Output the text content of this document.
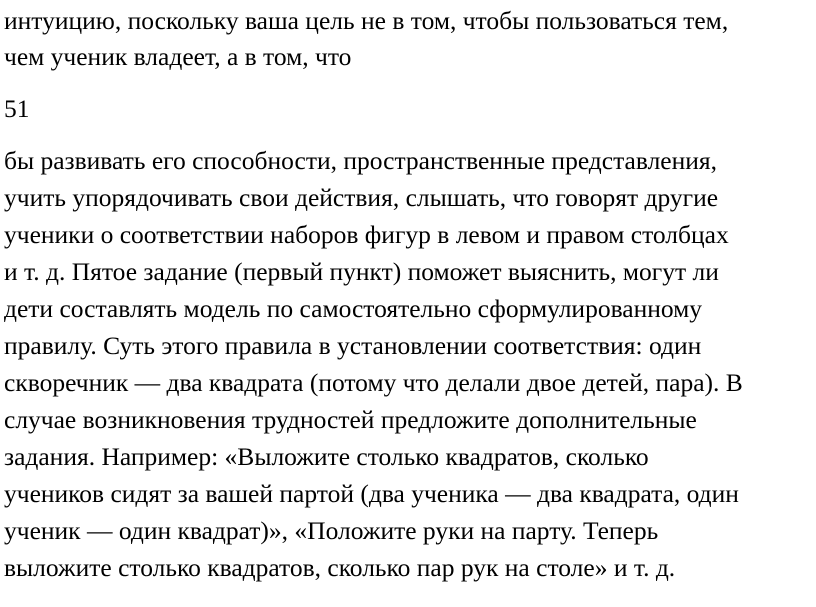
интуицию, поскольку ваша цель не в том, чтобы пользоваться тем,

чем ученик владеет, а в том, что

51

бы развивать его способности, пространственные представления,

учить упорядочивать свои действия, слышать, что говорят другие

ученики о соответствии наборов фигур в левом и правом столбцах

и т. д. Пятое задание (первый пункт) поможет выяснить, могут ли

дети составлять модель по самостоятельно сформулированному

правилу. Суть этого правила в установлении соответствия: один

скворечник — два квадрата (потому что делали двое детей, пара). В

случае возникновения трудностей предложите дополнительные

задания. Например: «Выложите столько квадратов, сколько

учеников сидят за вашей партой (два ученика — два квадрата, один

ученик — один квадрат)», «Положите руки на парту. Теперь

выложите столько квадратов, сколько пар рук на столе» и т. д.
